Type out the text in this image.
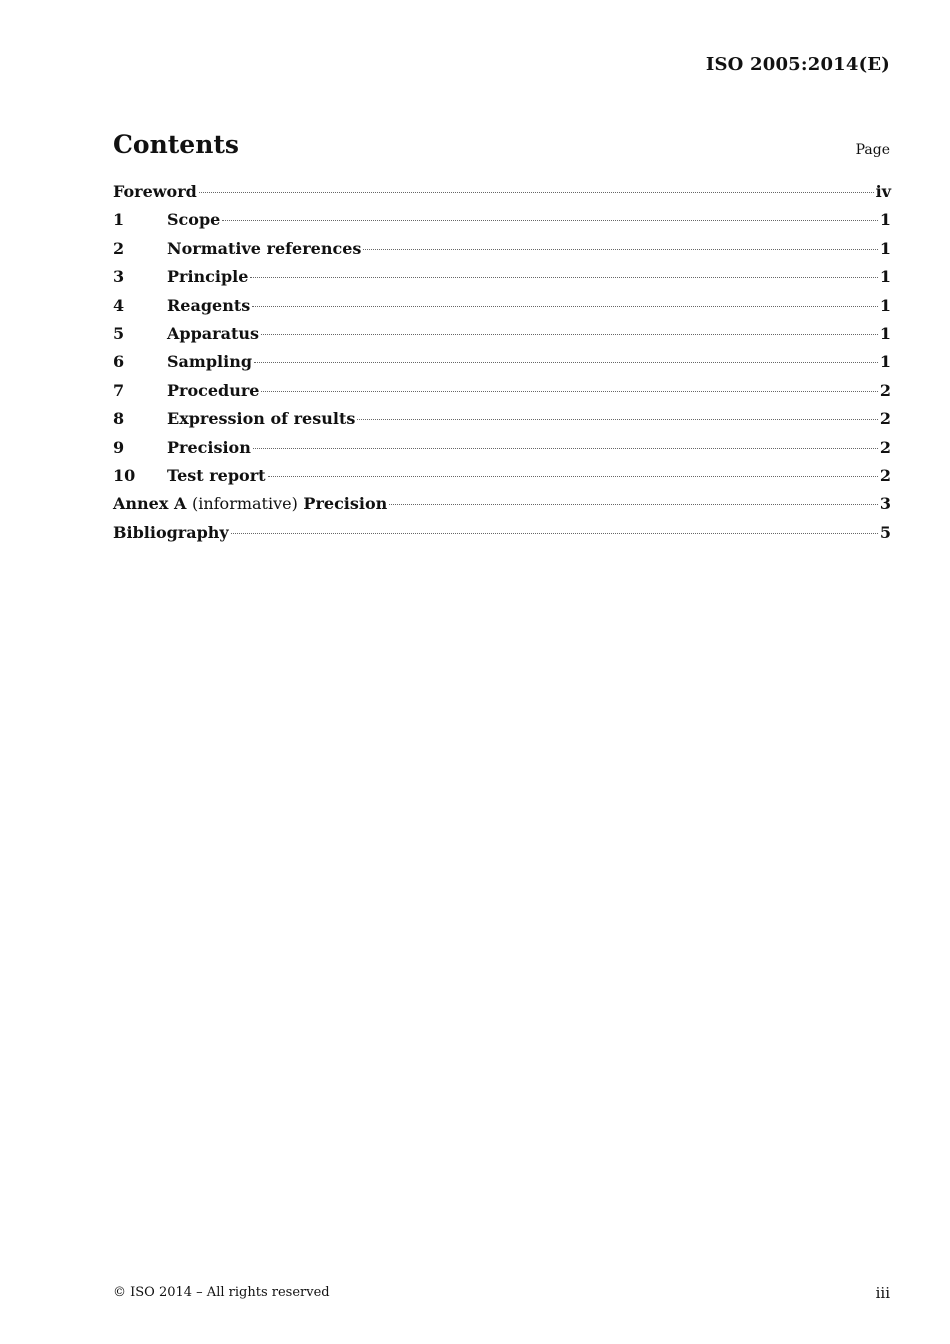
ISO 2005:2014(E)
Contents	Page
Foreword	iv
1	Scope	1
2	Normative references	1
3	Principle	1
4	Reagents	1
5	Apparatus	1
6	Sampling	1
7	Procedure	2
8	Expression of results	2
9	Precision	2
10	Test report	2
Annex A (informative) Precision	3
Bibliography	5
© ISO 2014 – All rights reserved	iii
